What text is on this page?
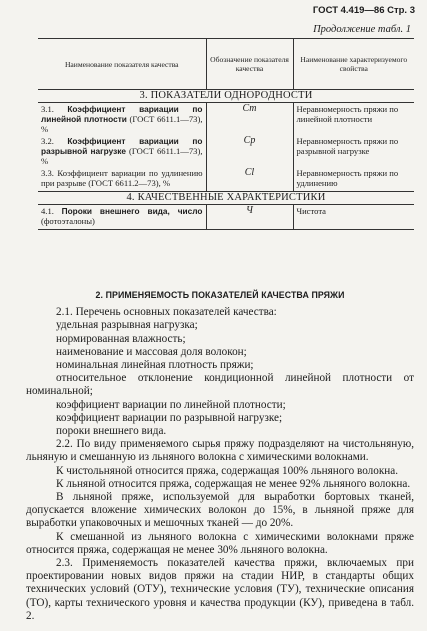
ГОСТ 4.419—86 Стр. 3
Продолжение табл. 1
Наименование показателя качества	Обозначение показателя качества	Наименование характеризуемого свойства
3. ПОКАЗАТЕЛИ ОДНОРОДНОСТИ		
3.1. Коэффициент вариации по линейной плотности (ГОСТ 6611.1—73), %	Cт	Неравномерность пряжи по линейной плотности
3.2. Коэффициент вариации по разрывной нагрузке (ГОСТ 6611.1—73), %	Cр	Неравномерность пряжи по разрывной нагрузке
3.3. Коэффициент вариации по удлинению при разрыве (ГОСТ 6611.2—73), %	Cl	Неравномерность пряжи по удлинению
4. КАЧЕСТВЕННЫЕ ХАРАКТЕРИСТИКИ		
4.1. Пороки внешнего вида, число (фотоэталоны)	Ч	Чистота
2. ПРИМЕНЯЕМОСТЬ ПОКАЗАТЕЛЕЙ КАЧЕСТВА ПРЯЖИ

2.1. Перечень основных показателей качества:

удельная разрывная нагрузка;

нормированная влажность;

наименование и массовая доля волокон;

номинальная линейная плотность пряжи;

относительное отклонение кондиционной линейной плотности от номинальной;

коэффициент вариации по линейной плотности;

коэффициент вариации по разрывной нагрузке;

пороки внешнего вида.

2.2. По виду применяемого сырья пряжу подразделяют на чистольняную, льняную и смешанную из льняного волокна с химическими волокнами.

К чистольняной относится пряжа, содержащая 100% льняного волокна.

К льняной относится пряжа, содержащая не менее 92% льняного волокна.

В льняной пряже, используемой для выработки бортовых тканей, допускается вложение химических волокон до 15%, в льняной пряже для выработки упаковочных и мешочных тканей — до 20%.

К смешанной из льняного волокна с химическими волокнами пряже относится пряжа, содержащая не менее 30% льняного волокна.

2.3. Применяемость показателей качества пряжи, включаемых при проектировании новых видов пряжи на стадии НИР, в стандарты общих технических условий (ОТУ), технические условия (ТУ), технические описания (ТО), карты технического уровня и качества продукции (КУ), приведена в табл. 2.
